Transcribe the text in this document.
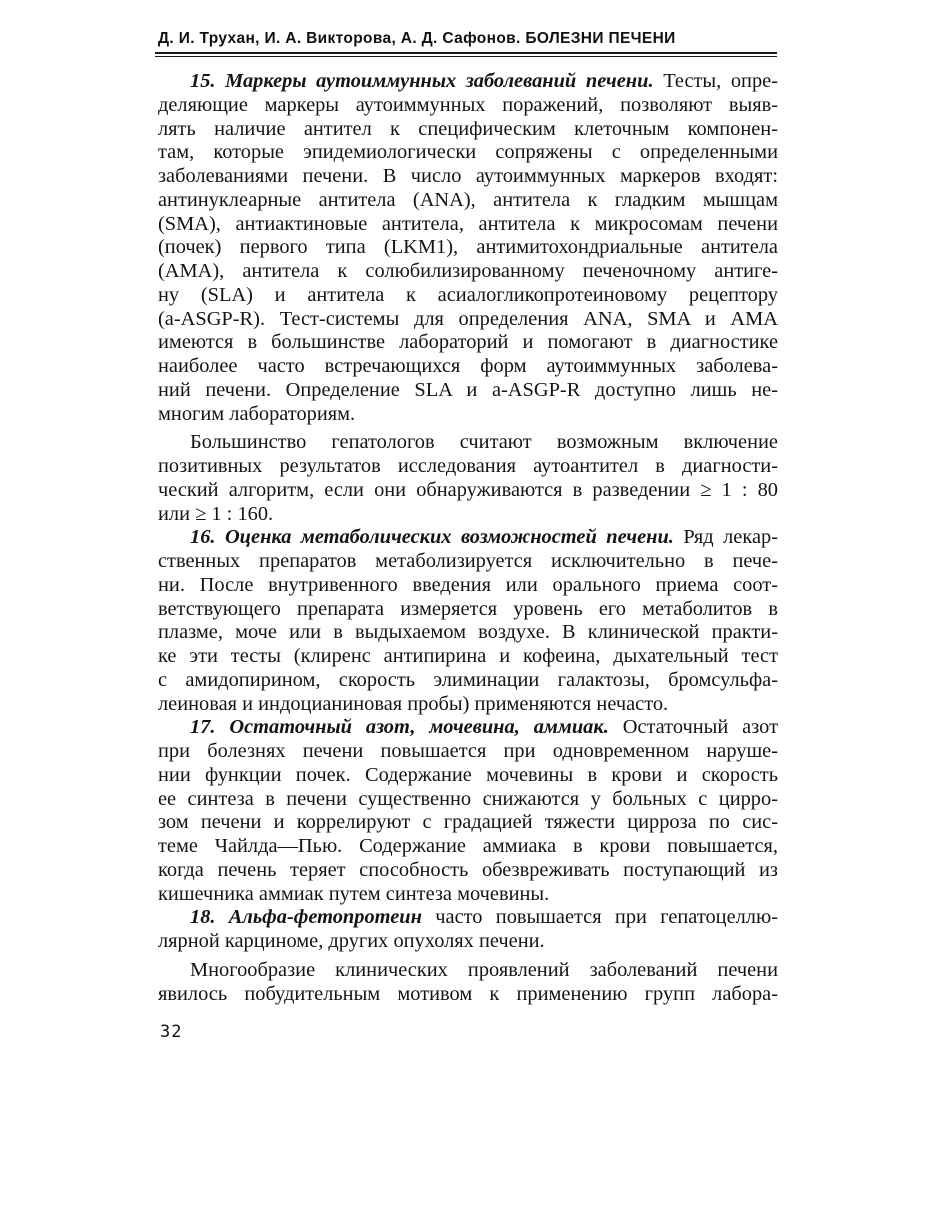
Д. И. Трухан, И. А. Викторова, А. Д. Сафонов. БОЛЕЗНИ ПЕЧЕНИ
15. Маркеры аутоиммунных заболеваний печени. Тесты, опре-
деляющие маркеры аутоиммунных поражений, позволяют выяв-
лять наличие антител к специфическим клеточным компонен-
там, которые эпидемиологически сопряжены с определенными
заболеваниями печени. В число аутоиммунных маркеров входят:
антинуклеарные антитела (ANA), антитела к гладким мышцам
(SMA), антиактиновые антитела, антитела к микросомам печени
(почек) первого типа (LKM1), антимитохондриальные антитела
(AMA), антитела к солюбилизированному печеночному антиге-
ну (SLA) и антитела к асиалогликопротеиновому рецептору
(a-ASGP-R). Тест-системы для определения ANA, SMA и AMA
имеются в большинстве лабораторий и помогают в диагностике
наиболее часто встречающихся форм аутоиммунных заболева-
ний печени. Определение SLA и a-ASGP-R доступно лишь не-
многим лабораториям.
Большинство гепатологов считают возможным включение
позитивных результатов исследования аутоантител в диагности-
ческий алгоритм, если они обнаруживаются в разведении ≥ 1 : 80
или ≥ 1 : 160.
16. Оценка метаболических возможностей печени. Ряд лекар-
ственных препаратов метаболизируется исключительно в пече-
ни. После внутривенного введения или орального приема соот-
ветствующего препарата измеряется уровень его метаболитов в
плазме, моче или в выдыхаемом воздухе. В клинической практи-
ке эти тесты (клиренс антипирина и кофеина, дыхательный тест
с амидопирином, скорость элиминации галактозы, бромсульфа-
леиновая и индоцианиновая пробы) применяются нечасто.
17. Остаточный азот, мочевина, аммиак. Остаточный азот
при болезнях печени повышается при одновременном наруше-
нии функции почек. Содержание мочевины в крови и скорость
ее синтеза в печени существенно снижаются у больных с цирро-
зом печени и коррелируют с градацией тяжести цирроза по сис-
теме Чайлда—Пью. Содержание аммиака в крови повышается,
когда печень теряет способность обезвреживать поступающий из
кишечника аммиак путем синтеза мочевины.
18. Альфа-фетопротеин часто повышается при гепатоцеллю-
лярной карциноме, других опухолях печени.
Многообразие клинических проявлений заболеваний печени
явилось побудительным мотивом к применению групп лабора-
32
